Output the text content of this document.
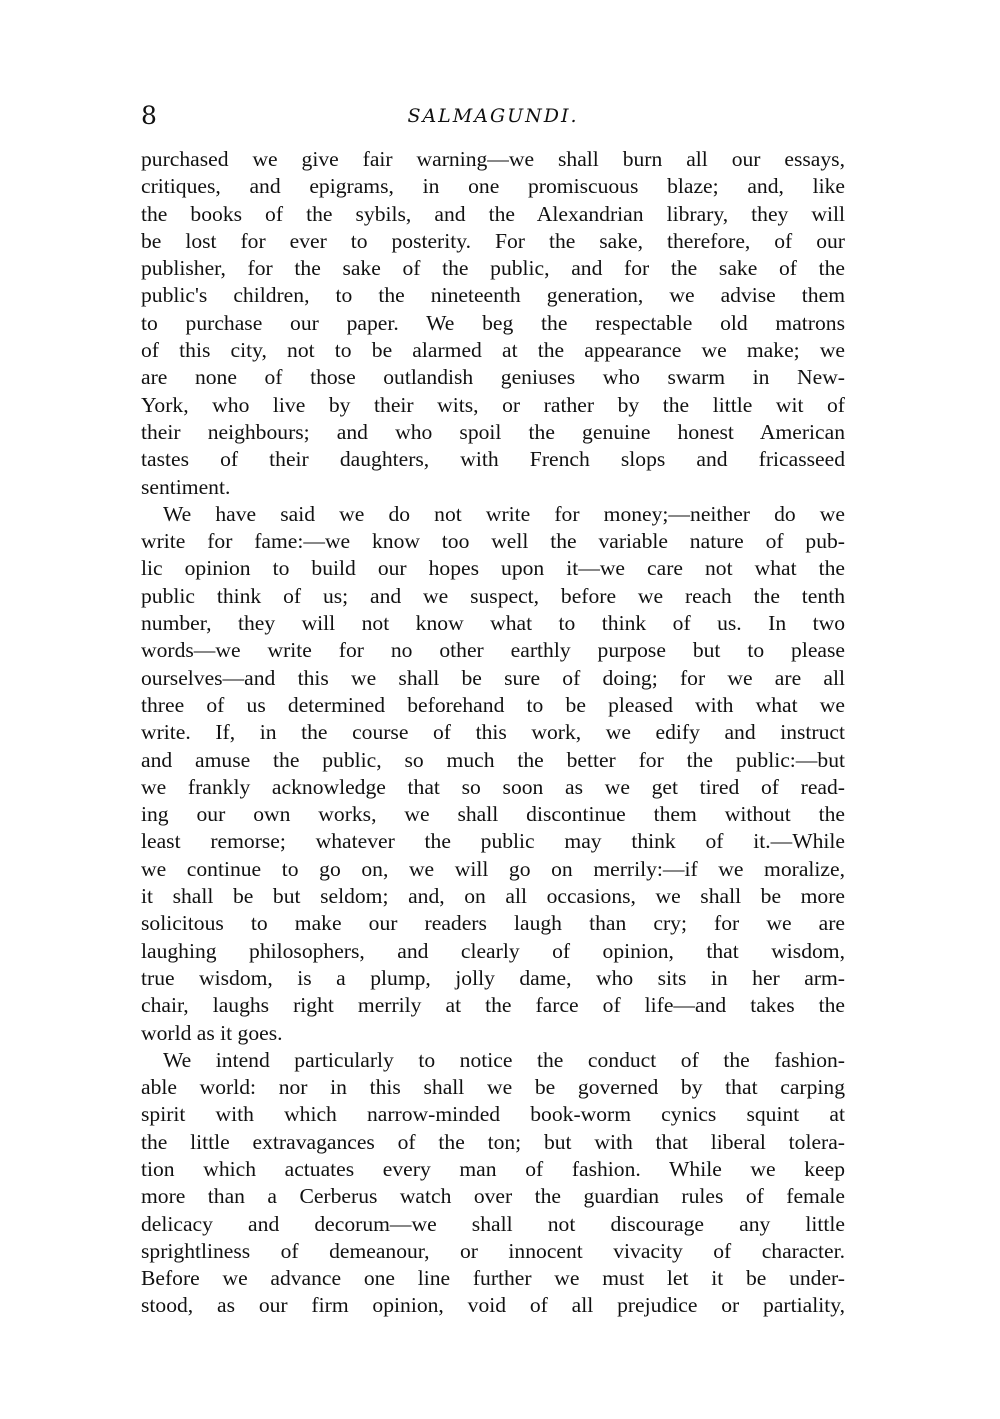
8	SALMAGUNDI.
purchased we give fair warning—we shall burn all our essays,
critiques, and epigrams, in one promiscuous blaze; and, like
the books of the sybils, and the Alexandrian library, they will
be lost for ever to posterity. For the sake, therefore, of our
publisher, for the sake of the public, and for the sake of the
public's children, to the nineteenth generation, we advise them
to purchase our paper. We beg the respectable old matrons
of this city, not to be alarmed at the appearance we make; we
are none of those outlandish geniuses who swarm in New-
York, who live by their wits, or rather by the little wit of
their neighbours; and who spoil the genuine honest American
tastes of their daughters, with French slops and fricasseed
sentiment.
We have said we do not write for money;—neither do we
write for fame:—we know too well the variable nature of pub-
lic opinion to build our hopes upon it—we care not what the
public think of us; and we suspect, before we reach the tenth
number, they will not know what to think of us. In two
words—we write for no other earthly purpose but to please
ourselves—and this we shall be sure of doing; for we are all
three of us determined beforehand to be pleased with what we
write. If, in the course of this work, we edify and instruct
and amuse the public, so much the better for the public:—but
we frankly acknowledge that so soon as we get tired of read-
ing our own works, we shall discontinue them without the
least remorse; whatever the public may think of it.—While
we continue to go on, we will go on merrily:—if we moralize,
it shall be but seldom; and, on all occasions, we shall be more
solicitous to make our readers laugh than cry; for we are
laughing philosophers, and clearly of opinion, that wisdom,
true wisdom, is a plump, jolly dame, who sits in her arm-
chair, laughs right merrily at the farce of life—and takes the
world as it goes.
We intend particularly to notice the conduct of the fashion-
able world: nor in this shall we be governed by that carping
spirit with which narrow-minded book-worm cynics squint at
the little extravagances of the ton; but with that liberal tolera-
tion which actuates every man of fashion. While we keep
more than a Cerberus watch over the guardian rules of female
delicacy and decorum—we shall not discourage any little
sprightliness of demeanour, or innocent vivacity of character.
Before we advance one line further we must let it be under-
stood, as our firm opinion, void of all prejudice or partiality,
